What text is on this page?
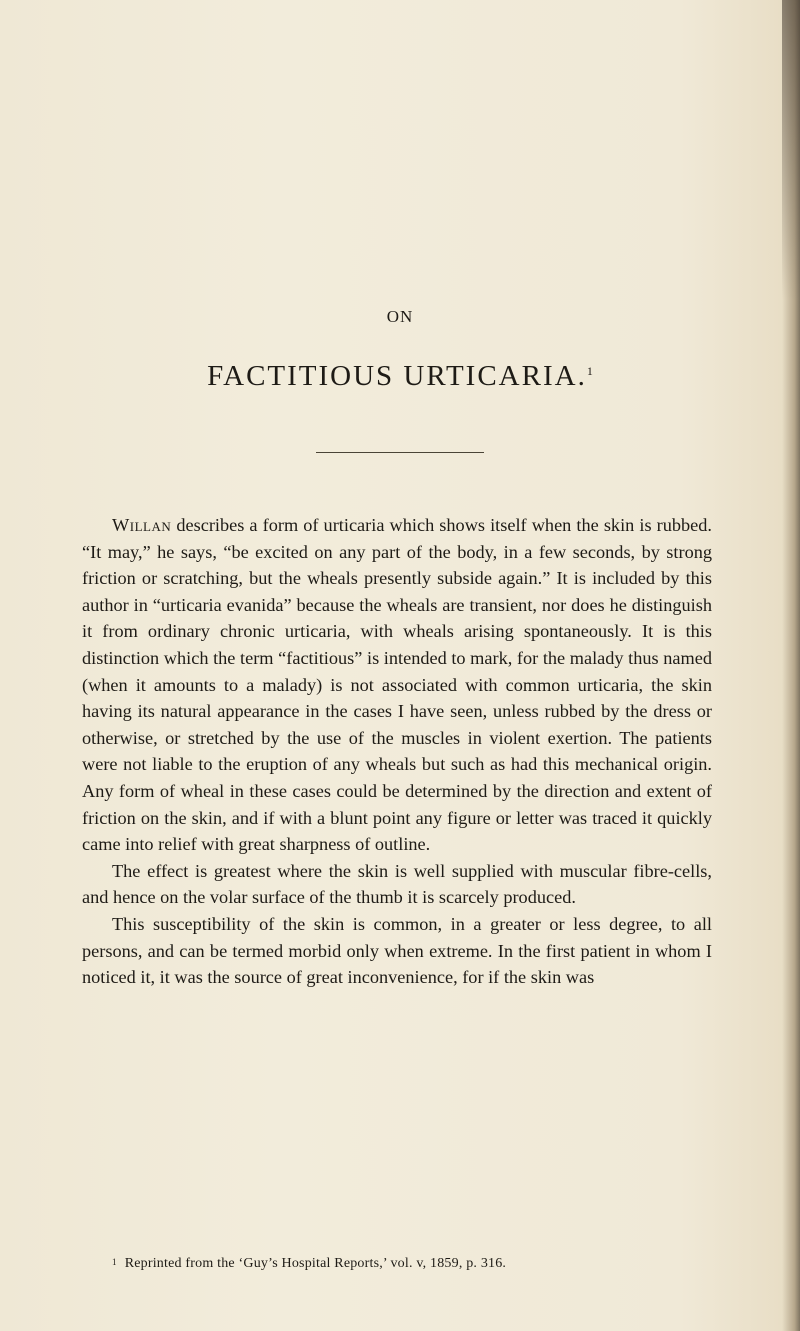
ON
FACTITIOUS URTICARIA.$^1$

Willan describes a form of urticaria which shows itself when the skin is rubbed. “It may,” he says, “be excited on any part of the body, in a few seconds, by strong friction or scratching, but the wheals presently subside again.” It is included by this author in “urticaria evanida” because the wheals are transient, nor does he distinguish it from ordinary chronic urticaria, with wheals arising spontaneously. It is this distinction which the term “factitious” is intended to mark, for the malady thus named (when it amounts to a malady) is not associated with common urticaria, the skin having its natural appearance in the cases I have seen, unless rubbed by the dress or otherwise, or stretched by the use of the muscles in violent exertion. The patients were not liable to the eruption of any wheals but such as had this mechanical origin. Any form of wheal in these cases could be determined by the direction and extent of friction on the skin, and if with a blunt point any figure or letter was traced it quickly came into relief with great sharpness of outline.

The effect is greatest where the skin is well supplied with muscular fibre-cells, and hence on the volar surface of the thumb it is scarcely produced.

This susceptibility of the skin is common, in a greater or less degree, to all persons, and can be termed morbid only when extreme. In the first patient in whom I noticed it, it was the source of great inconvenience, for if the skin was

$^1$ Reprinted from the ‘Guy’s Hospital Reports,’ vol. v, 1859, p. 316.
